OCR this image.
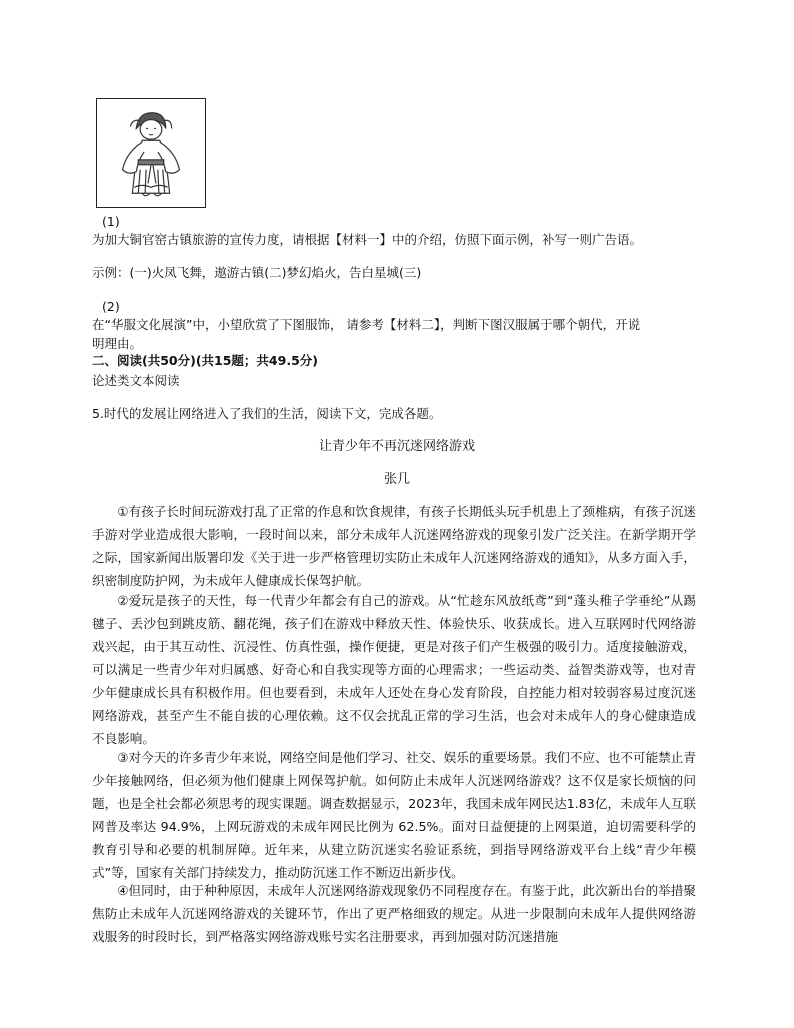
(1)
为加大铜官窑古镇旅游的宣传力度，请根据【材料一】中的介绍，仿照下面示例，补写一则广告语。
示例：(一)火凤飞舞，遨游古镇(二)梦幻焰火，告白星城(三)
(2)
在“华服文化展演”中，小望欣赏了下图服饰， 请参考【材料二】，判断下图汉服属于哪个朝代，开说
明理由。
二、阅读(共50分)(共15题；共49.5分)
论述类文本阅读
5.时代的发展让网络进入了我们的生活，阅读下文，完成各题。
让青少年不再沉迷网络游戏
张几

①有孩子长时间玩游戏打乱了正常的作息和饮食规律，有孩子长期低头玩手机患上了颈椎病，有孩子沉迷手游对学业造成很大影响，一段时间以来，部分未成年人沉迷网络游戏的现象引发广泛关注。在新学期开学之际，国家新闻出版署印发《关于进一步严格管理切实防止未成年人沉迷网络游戏的通知》，从多方面入手，织密制度防护网，为未成年人健康成长保驾护航。

②爱玩是孩子的天性，每一代青少年都会有自己的游戏。从“忙趁东风放纸鸢”到“蓬头稚子学垂纶”从踢毽子、丢沙包到跳皮筋、翻花绳，孩子们在游戏中释放天性、体验快乐、收获成长。进入互联网时代网络游戏兴起，由于其互动性、沉浸性、仿真性强，操作便捷，更是对孩子们产生极强的吸引力。适度接触游戏，可以满足一些青少年对归属感、好奇心和自我实现等方面的心理需求；一些运动类、益智类游戏等，也对青少年健康成长具有积极作用。但也要看到，未成年人还处在身心发育阶段，自控能力相对较弱容易过度沉迷网络游戏，甚至产生不能自拔的心理依赖。这不仅会扰乱正常的学习生活，也会对未成年人的身心健康造成不良影响。

③对今天的许多青少年来说，网络空间是他们学习、社交、娱乐的重要场景。我们不应、也不可能禁止青少年接触网络，但必须为他们健康上网保驾护航。如何防止未成年人沉迷网络游戏？这不仅是家长烦恼的问题，也是全社会都必须思考的现实课题。调查数据显示，2023年，我国未成年网民达1.83亿，未成年人互联网普及率达 94.9%，上网玩游戏的未成年网民比例为 62.5%。面对日益便捷的上网渠道，迫切需要科学的教育引导和必要的机制屏障。近年来，从建立防沉迷实名验证系统，到指导网络游戏平台上线“青少年模式”等，国家有关部门持续发力，推动防沉迷工作不断迈出新步伐。

④但同时，由于种种原因，未成年人沉迷网络游戏现象仍不同程度存在。有鉴于此，此次新出台的举措聚焦防止未成年人沉迷网络游戏的关键环节，作出了更严格细致的规定。从进一步限制向未成年人提供网络游戏服务的时段时长，到严格落实网络游戏账号实名注册要求，再到加强对防沉迷措施
